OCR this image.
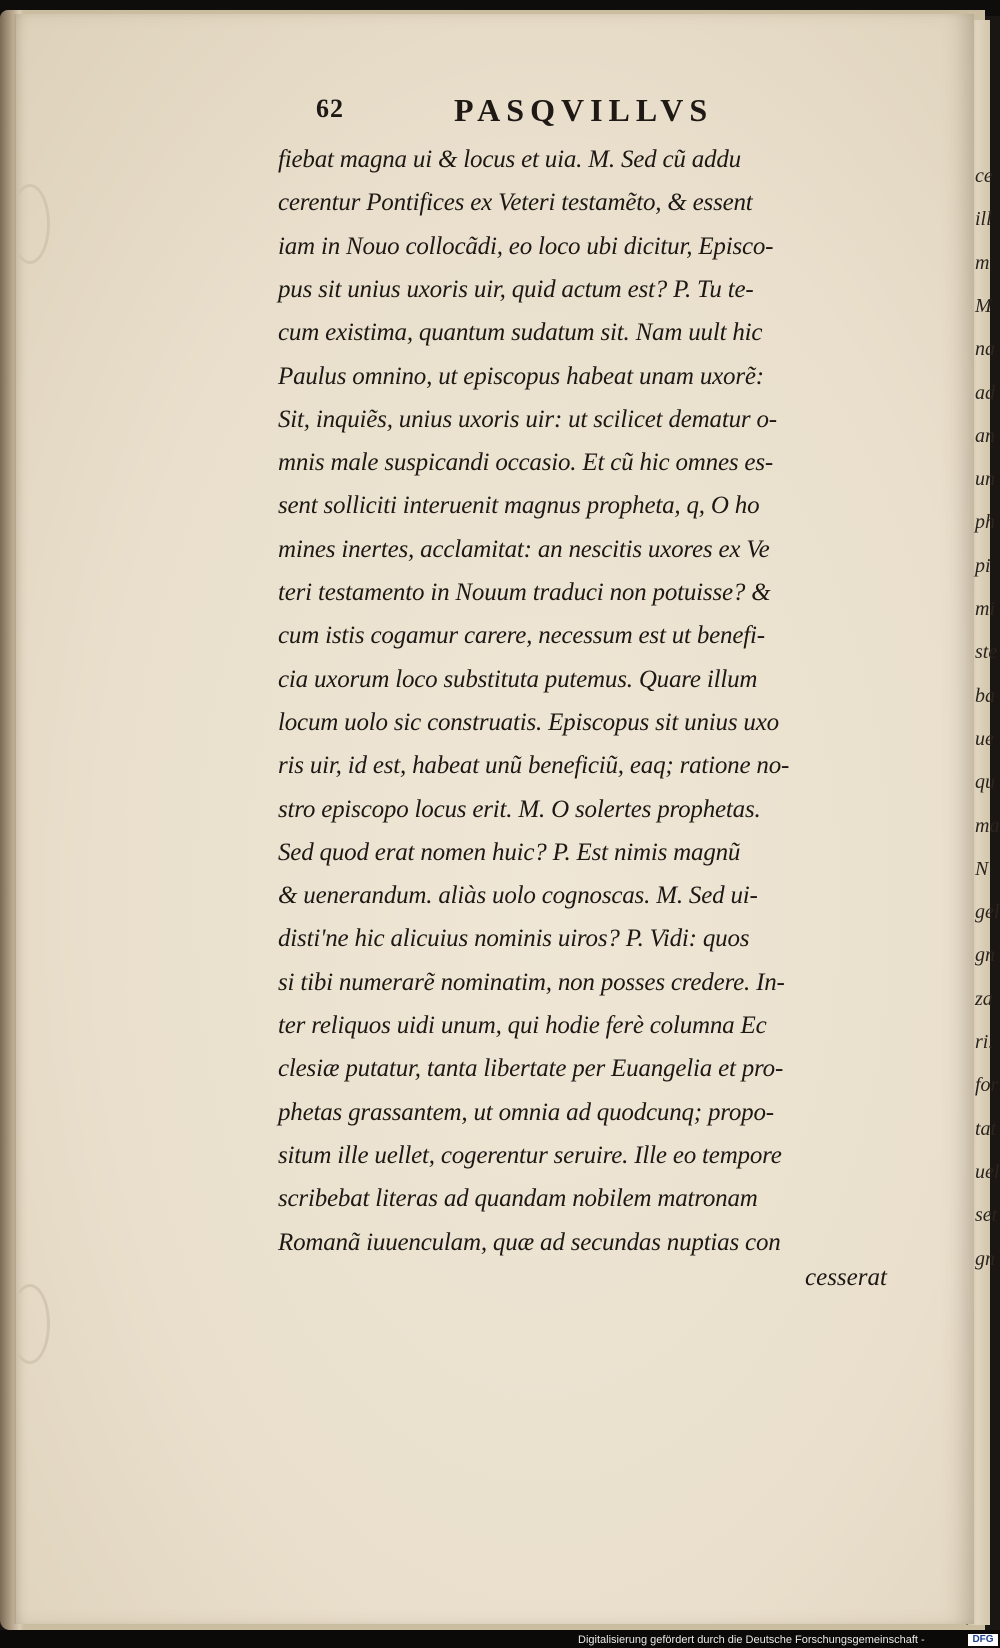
62	PASQVILLVS
fiebat magna ui & locus et uia. M. Sed cũ addu
cerentur Pontifices ex Veteri testamẽto, & essent
iam in Nouo collocãdi, eo loco ubi dicitur, Episco-
pus sit unius uxoris uir, quid actum est? P. Tu te-
cum existima, quantum sudatum sit. Nam uult hic
Paulus omnino, ut episcopus habeat unam uxorẽ:
Sit, inquiẽs, unius uxoris uir: ut scilicet dematur o-
mnis male suspicandi occasio. Et cũ hic omnes es-
sent solliciti interuenit magnus propheta, q, O ho
mines inertes, acclamitat: an nescitis uxores ex Ve
teri testamento in Nouum traduci non potuisse? &
cum istis cogamur carere, necessum est ut benefi-
cia uxorum loco substituta putemus. Quare illum
locum uolo sic construatis. Episcopus sit unius uxo
ris uir, id est, habeat unũ beneficiũ, eaq; ratione no-
stro episcopo locus erit. M. O solertes prophetas.
Sed quod erat nomen huic? P. Est nimis magnũ
& uenerandum. aliàs uolo cognoscas. M. Sed ui-
disti'ne hic alicuius nominis uiros? P. Vidi: quos
si tibi numerarẽ nominatim, non posses credere. In-
ter reliquos uidi unum, qui hodie ferè columna Ec
clesiæ putatur, tanta libertate per Euangelia et pro-
phetas grassantem, ut omnia ad quodcunq; propo-
situm ille uellet, cogerentur seruire. Ille eo tempore
scribebat literas ad quandam nobilem matronam
Romanã iuuenculam, quæ ad secundas nuptias con
cesserat
ce
ill
m
M
na
ad
an
un
ph
pi
mi
ste
ba
ue
qu
ma
N
gel
gn
za
ri.
for
tat
uel
set
gn
Digitalisierung gefördert durch die Deutsche Forschungsgemeinschaft -	DFG
